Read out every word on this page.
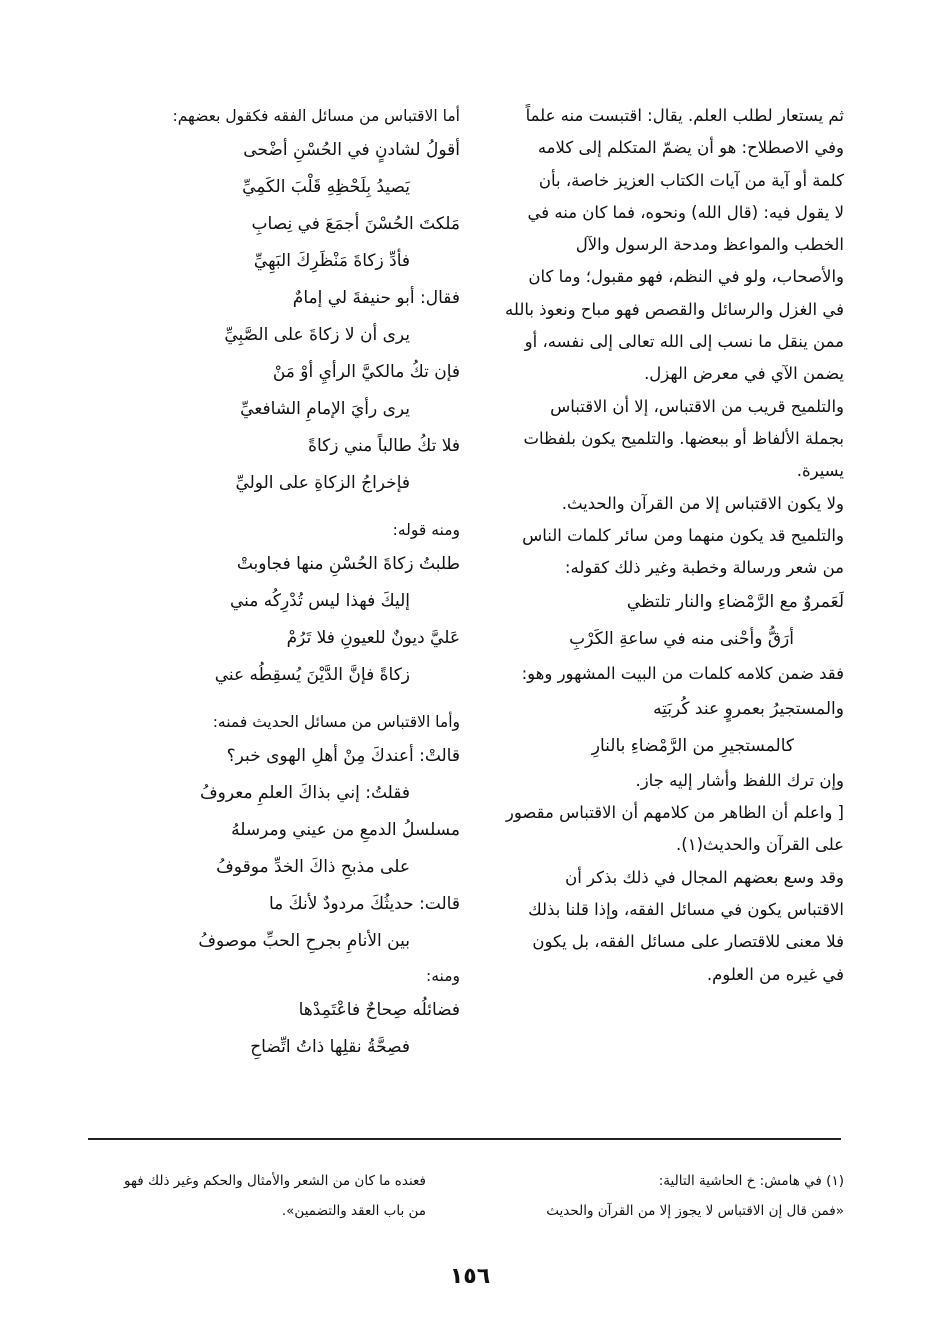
ثم يستعار لطلب العلم. يقال: اقتبست منه علماً
وفي الاصطلاح: هو أن يضمّ المتكلم إلى كلامه
كلمة أو آية من آيات الكتاب العزيز خاصة، بأن
لا يقول فيه: (قال الله) ونحوه، فما كان منه في
الخطب والمواعظ ومدحة الرسول والآل
والأصحاب، ولو في النظم، فهو مقبول؛ وما كان
في الغزل والرسائل والقصص فهو مباح ونعوذ بالله
ممن ينقل ما نسب إلى الله تعالى إلى نفسه، أو
يضمن الآي في معرض الهزل.
والتلميح قريب من الاقتباس، إلا أن الاقتباس
بجملة الألفاظ أو ببعضها. والتلميح يكون بلفظات
يسيرة.
ولا يكون الاقتباس إلا من القرآن والحديث.
والتلميح قد يكون منهما ومن سائر كلمات الناس
من شعر ورسالة وخطبة وغير ذلك كقوله:
لَعَمروٌ مع الرَّمْضاءِ والنار تلتظي
أرَقُّ وأحْنى منه في ساعةِ الكَرْبِ
فقد ضمن كلامه كلمات من البيت المشهور وهو:
والمستجيرُ بعمروٍ عند كُربَتِه
كالمستجيرِ من الرَّمْضاءِ بالنارِ
وإن ترك اللفظ وأشار إليه جاز.
[ واعلم أن الظاهر من كلامهم أن الاقتباس مقصور
على القرآن والحديث(١).
وقد وسع بعضهم المجال في ذلك بذكر أن
الاقتباس يكون في مسائل الفقه، وإذا قلنا بذلك
فلا معنى للاقتصار على مسائل الفقه، بل يكون
في غيره من العلوم.
أما الاقتباس من مسائل الفقه فكقول بعضهم:
أقولُ لشادنٍ في الحُسْنِ أضْحى
يَصيدُ بِلَحْظِهِ قَلْبَ الكَمِيِّ
مَلكتَ الحُسْنَ أجمَعَ في نِصابِ
فأدِّ زكاةَ مَنْظَرِكَ البَهِيِّ
فقال: أبو حنيفةَ لي إمامٌ
يرى أن لا زكاةَ على الصَّبِيِّ
فإن تكُ مالكيَّ الرأيِ أوْ مَنْ
يرى رأيَ الإمامِ الشافعيِّ
فلا تكُ طالباً مني زكاةً
فإخراجُ الزكاةِ على الوليِّ
ومنه قوله:
طلبتُ زكاةَ الحُسْنِ منها فجاوبتْ
إليكَ فهذا ليس تُدْرِكُه مني
عَليَّ ديونٌ للعيونِ فلا تَرُمْ
زكاةً فإنَّ الدَّيْنَ يُسقِطُه عني
وأما الاقتباس من مسائل الحديث فمنه:
قالتْ: أعندكَ مِنْ أهلِ الهوى خبر؟
فقلتُ: إني بذاكَ العلمِ معروفُ
مسلسلُ الدمعِ من عيني ومرسلهُ
على مذبحِ ذاكَ الخدِّ موقوفُ
قالت: حديثُكَ مردودٌ لأنكَ ما
بين الأنامِ بجرحِ الحبِّ موصوفُ
ومنه:
فضائلُه صِحاحٌ فاعْتَمِدْها
فصِحَّةُ نقلِها ذاتُ اتِّضاحِ
(١) في هامش: خ الحاشية التالية:
«فمن قال إن الاقتباس لا يجوز إلا من القرآن والحديث
فعنده ما كان من الشعر والأمثال والحكم وغير ذلك فهو
من باب العقد والتضمين».
١٥٦
